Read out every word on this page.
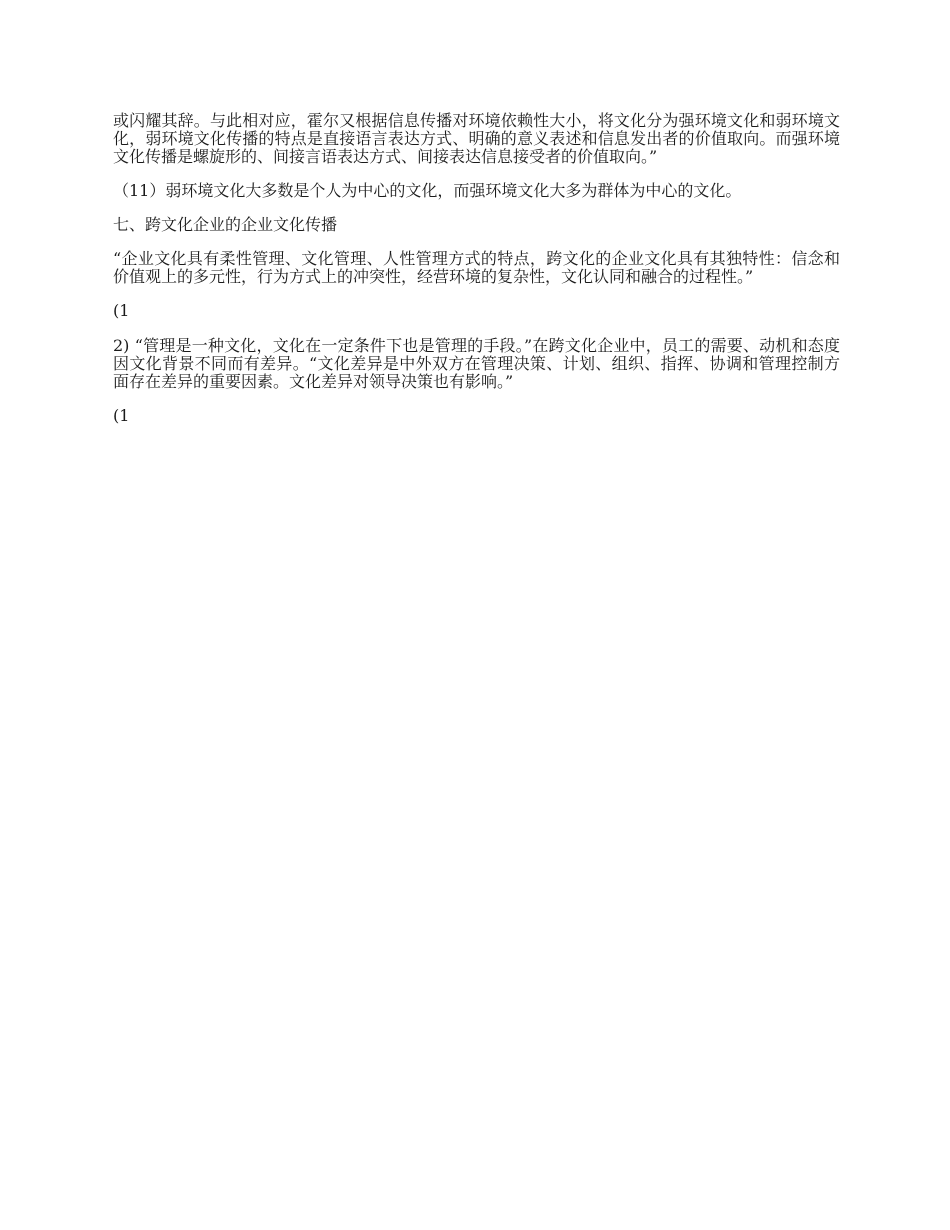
或闪耀其辞。与此相对应，霍尔又根据信息传播对环境依赖性大小，将文化分为强环境文化和弱环境文化，弱环境文化传播的特点是直接语言表达方式、明确的意义表述和信息发出者的价值取向。而强环境文化传播是螺旋形的、间接言语表达方式、间接表达信息接受者的价值取向。”

（11）弱环境文化大多数是个人为中心的文化，而强环境文化大多为群体为中心的文化。

七、跨文化企业的企业文化传播

“企业文化具有柔性管理、文化管理、人性管理方式的特点，跨文化的企业文化具有其独特性：信念和价值观上的多元性，行为方式上的冲突性，经营环境的复杂性，文化认同和融合的过程性。”

(1

2) “管理是一种文化，文化在一定条件下也是管理的手段。”在跨文化企业中，员工的需要、动机和态度因文化背景不同而有差异。“文化差异是中外双方在管理决策、计划、组织、指挥、协调和管理控制方面存在差异的重要因素。文化差异对领导决策也有影响。”

(1
